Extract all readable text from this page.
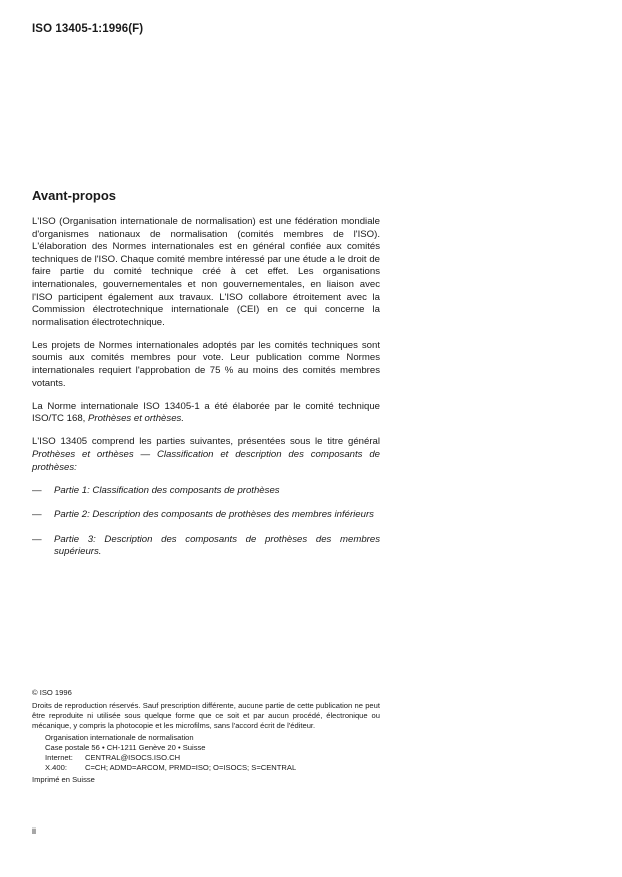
ISO 13405-1:1996(F)
Avant-propos

L'ISO (Organisation internationale de normalisation) est une fédération mondiale d'organismes nationaux de normalisation (comités membres de l'ISO). L'élaboration des Normes internationales est en général confiée aux comités techniques de l'ISO. Chaque comité membre intéressé par une étude a le droit de faire partie du comité technique créé à cet effet. Les organisations internationales, gouvernementales et non gouvernementales, en liaison avec l'ISO participent également aux travaux. L'ISO collabore étroitement avec la Commission électrotechnique internationale (CEI) en ce qui concerne la normalisation électrotechnique.

Les projets de Normes internationales adoptés par les comités techniques sont soumis aux comités membres pour vote. Leur publication comme Normes internationales requiert l'approbation de 75 % au moins des comités membres votants.

La Norme internationale ISO 13405-1 a été élaborée par le comité technique ISO/TC 168, Prothèses et orthèses.

L'ISO 13405 comprend les parties suivantes, présentées sous le titre général Prothèses et orthèses — Classification et description des composants de prothèses:

—	Partie 1: Classification des composants de prothèses
—	Partie 2: Description des composants de prothèses des membres inférieurs
—	Partie 3: Description des composants de prothèses des membres supérieurs.
© ISO 1996
Droits de reproduction réservés. Sauf prescription différente, aucune partie de cette publication ne peut être reproduite ni utilisée sous quelque forme que ce soit et par aucun procédé, électronique ou mécanique, y compris la photocopie et les microfilms, sans l'accord écrit de l'éditeur.
Organisation internationale de normalisation
Case postale 56 • CH-1211 Genève 20 • Suisse
Internet:	CENTRAL@ISOCS.ISO.CH
X.400:	C=CH; ADMD=ARCOM, PRMD=ISO; O=ISOCS; S=CENTRAL
Imprimé en Suisse
ii
